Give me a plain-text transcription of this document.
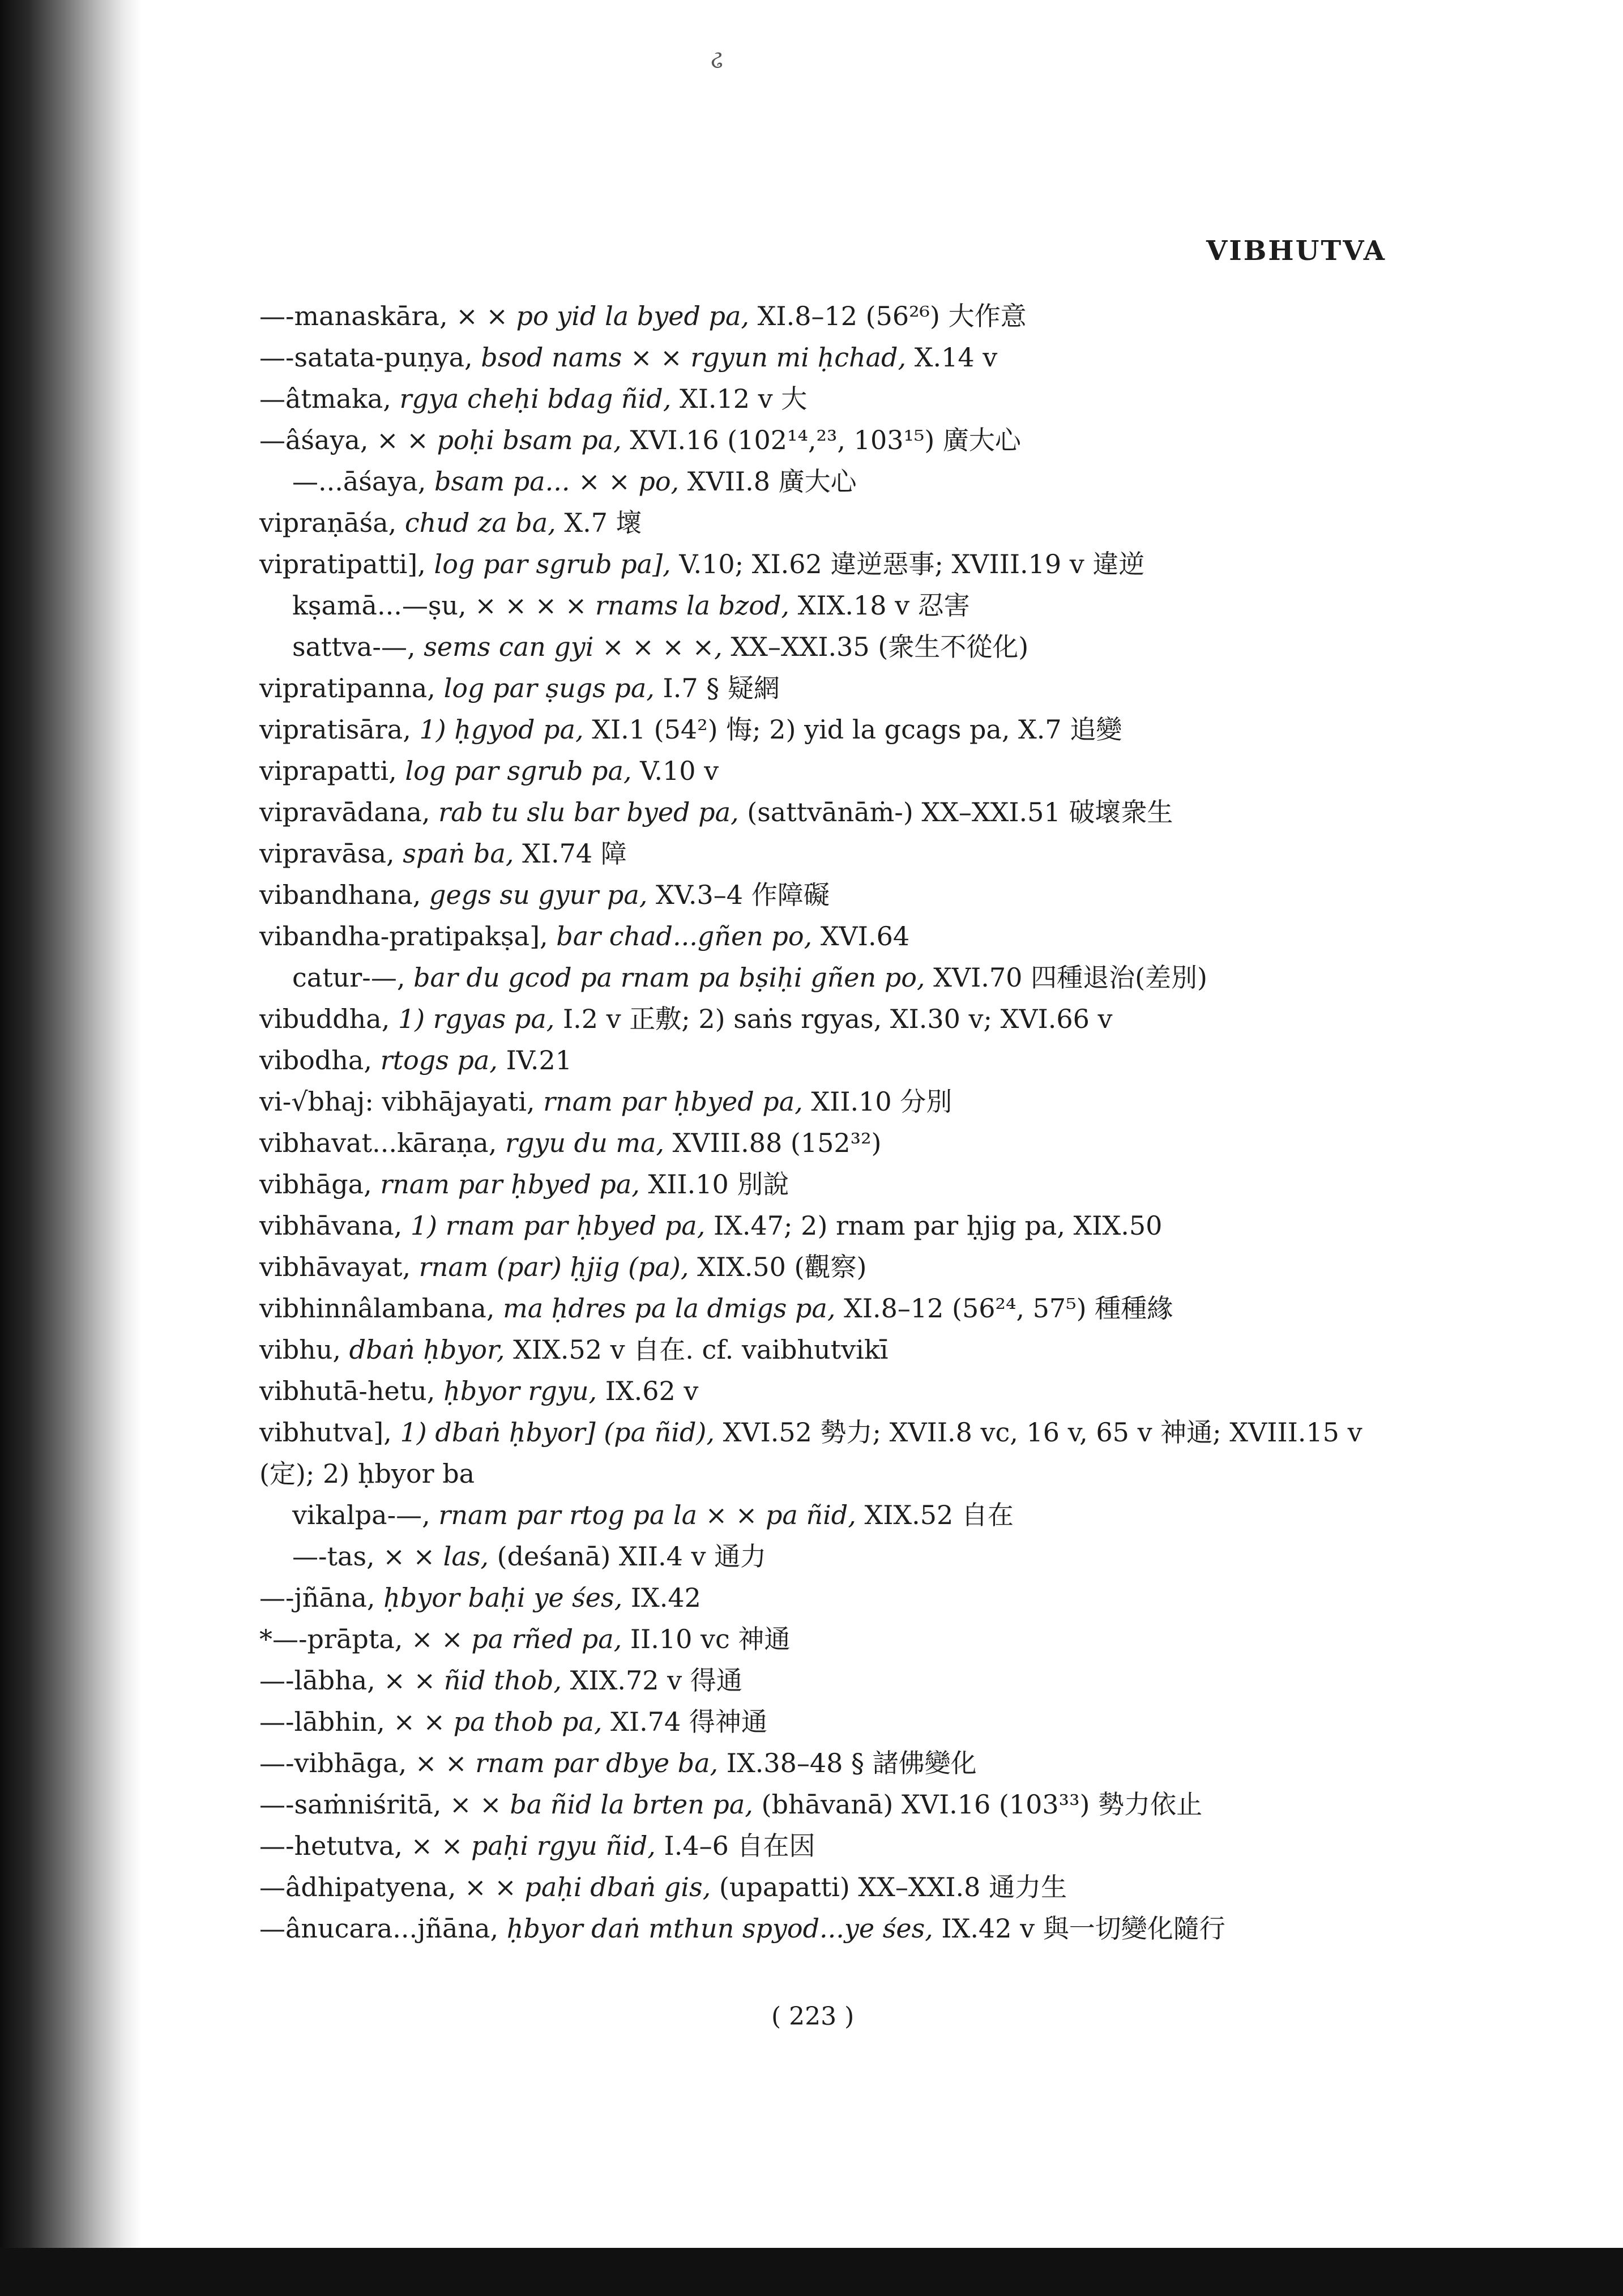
ઢ
VIBHUTVA
—-manaskāra, × × po yid la byed pa, XI.8–12 (56²⁶) 大作意
—-satata-puṇya, bsod nams × × rgyun mi ḥchad, X.14 v
—âtmaka, rgya cheḥi bdag ñid, XI.12 v 大
—âśaya, × × poḥi bsam pa, XVI.16 (102¹⁴,²³, 103¹⁵) 廣大心
—...āśaya, bsam pa... × × po, XVII.8 廣大心
vipraṇāśa, chud za ba, X.7 壞
vipratipatti], log par sgrub pa], V.10; XI.62 違逆惡事; XVIII.19 v 違逆
kṣamā...—ṣu, × × × × rnams la bzod, XIX.18 v 忍害
sattva-—, sems can gyi × × × ×, XX–XXI.35 (衆生不從化)
vipratipanna, log par ṣugs pa, I.7 § 疑網
vipratisāra, 1) ḥgyod pa, XI.1 (54²) 悔; 2) yid la gcags pa, X.7 追變
viprapatti, log par sgrub pa, V.10 v
vipravādana, rab tu slu bar byed pa, (sattvānāṁ-) XX–XXI.51 破壞衆生
vipravāsa, spaṅ ba, XI.74 障
vibandhana, gegs su gyur pa, XV.3–4 作障礙
vibandha-pratipakṣa], bar chad...gñen po, XVI.64
catur-—, bar du gcod pa rnam pa bṣiḥi gñen po, XVI.70 四種退治(差別)
vibuddha, 1) rgyas pa, I.2 v 正敷; 2) saṅs rgyas, XI.30 v; XVI.66 v
vibodha, rtogs pa, IV.21
vi-√bhaj: vibhājayati, rnam par ḥbyed pa, XII.10 分別
vibhavat...kāraṇa, rgyu du ma, XVIII.88 (152³²)
vibhāga, rnam par ḥbyed pa, XII.10 別說
vibhāvana, 1) rnam par ḥbyed pa, IX.47; 2) rnam par ḥjig pa, XIX.50
vibhāvayat, rnam (par) ḥjig (pa), XIX.50 (觀察)
vibhinnâlambana, ma ḥdres pa la dmigs pa, XI.8–12 (56²⁴, 57⁵) 種種緣
vibhu, dbaṅ ḥbyor, XIX.52 v 自在. cf. vaibhutvikī
vibhutā-hetu, ḥbyor rgyu, IX.62 v
vibhutva], 1) dbaṅ ḥbyor] (pa ñid), XVI.52 勢力; XVII.8 vc, 16 v, 65 v 神通; XVIII.15 v (定); 2) ḥbyor ba
vikalpa-—, rnam par rtog pa la × × pa ñid, XIX.52 自在
—-tas, × × las, (deśanā) XII.4 v 通力
—-jñāna, ḥbyor baḥi ye śes, IX.42
*—-prāpta, × × pa rñed pa, II.10 vc 神通
—-lābha, × × ñid thob, XIX.72 v 得通
—-lābhin, × × pa thob pa, XI.74 得神通
—-vibhāga, × × rnam par dbye ba, IX.38–48 § 諸佛變化
—-saṁniśritā, × × ba ñid la brten pa, (bhāvanā) XVI.16 (103³³) 勢力依止
—-hetutva, × × paḥi rgyu ñid, I.4–6 自在因
—âdhipatyena, × × paḥi dbaṅ gis, (upapatti) XX–XXI.8 通力生
—ânucara...jñāna, ḥbyor daṅ mthun spyod...ye śes, IX.42 v 與一切變化隨行
( 223 )
